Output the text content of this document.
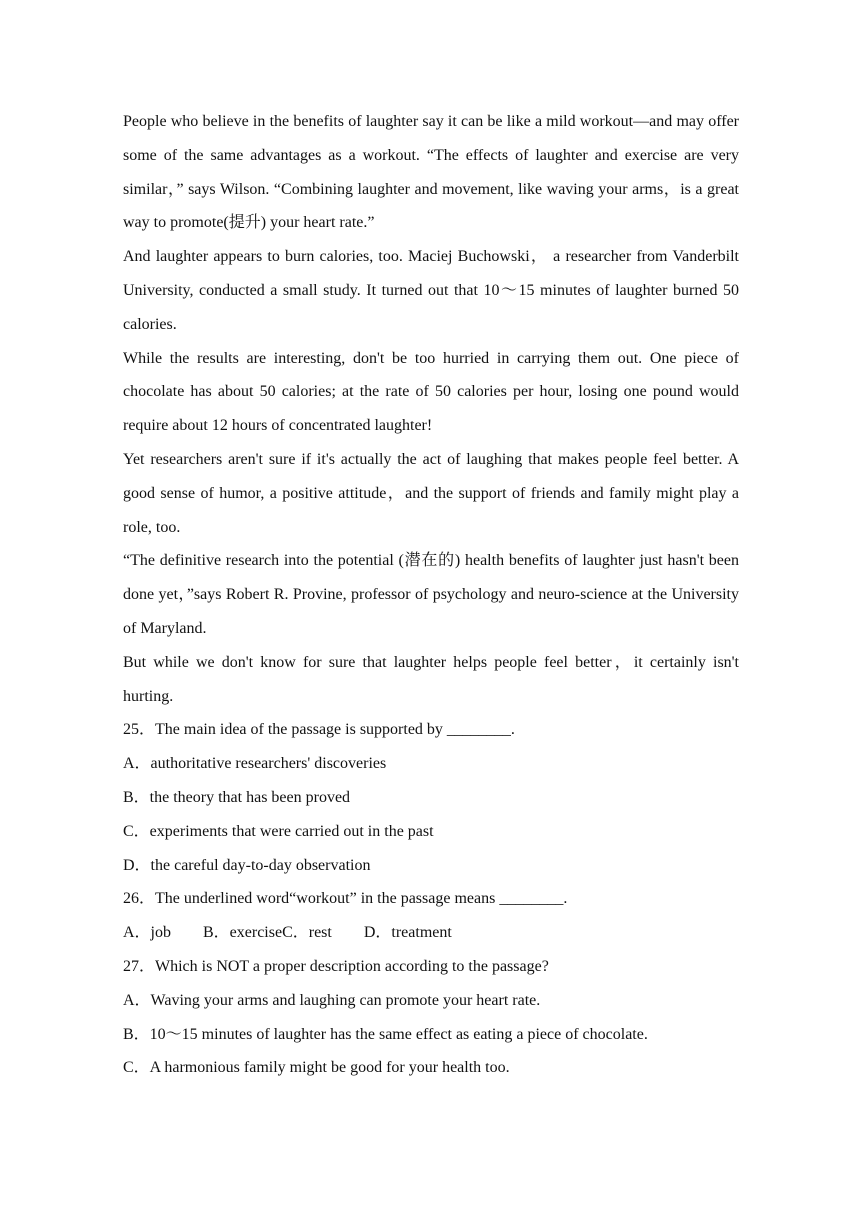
People who believe in the benefits of laughter say it can be like a mild workout—and may offer some of the same advantages as a workout. “The effects of laughter and exercise are very similar，” says Wilson. “Combining laughter and movement, like waving your arms，is a great way to promote(提升) your heart rate.”

And laughter appears to burn calories, too. Maciej Buchowski， a researcher from Vanderbilt University, conducted a small study. It turned out that 10～15 minutes of laughter burned 50 calories.

While the results are interesting, don't be too hurried in carrying them out. One piece of chocolate has about 50 calories; at the rate of 50 calories per hour, losing one pound would require about 12 hours of concentrated laughter!

Yet researchers aren't sure if it's actually the act of laughing that makes people feel better. A good sense of humor, a positive attitude，and the support of friends and family might play a role, too.

“The definitive research into the potential (潜在的) health benefits of laughter just hasn't been done yet，”says Robert R. Provine, professor of psychology and neuro-science at the University of Maryland.

But while we don't know for sure that laughter helps people feel better，it certainly isn't hurting.

25．The main idea of the passage is supported by ________.

A．authoritative researchers' discoveries

B．the theory that has been proved

C．experiments that were carried out in the past

D．the careful day-to-day observation

26．The underlined word“workout” in the passage means ________.

A．job        B．exerciseC．rest        D．treatment

27．Which is NOT a proper description according to the passage?

A．Waving your arms and laughing can promote your heart rate.

B．10～15 minutes of laughter has the same effect as eating a piece of chocolate.

C．A harmonious family might be good for your health too.
